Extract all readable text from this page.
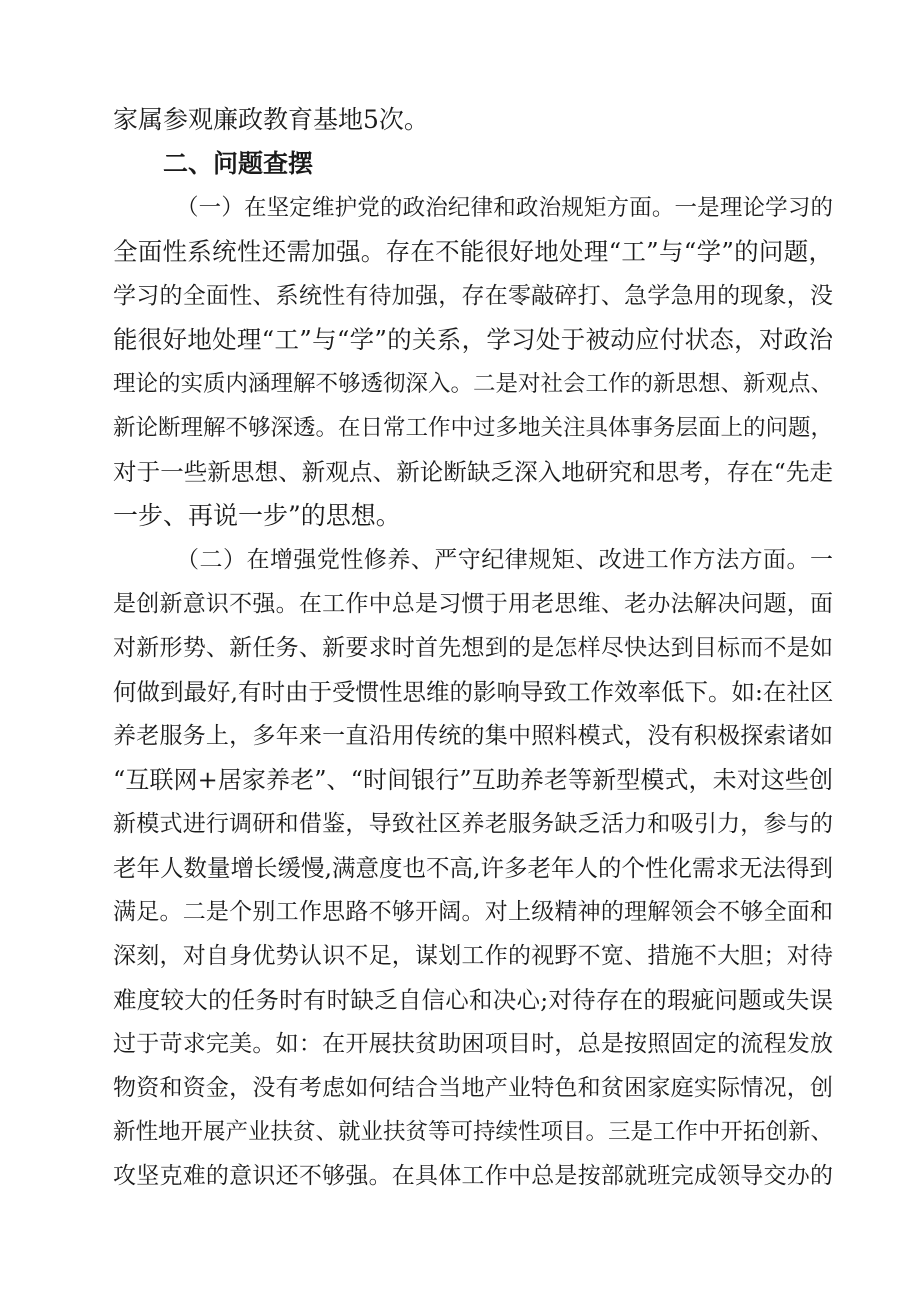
家属参观廉政教育基地5次。
二、问题查摆
（一）在坚定维护党的政治纪律和政治规矩方面。一是理论学习的
全面性系统性还需加强。存在不能很好地处理“工”与“学”的问题，
学习的全面性、系统性有待加强，存在零敲碎打、急学急用的现象，没
能很好地处理“工”与“学”的关系，学习处于被动应付状态，对政治
理论的实质内涵理解不够透彻深入。二是对社会工作的新思想、新观点、
新论断理解不够深透。在日常工作中过多地关注具体事务层面上的问题，
对于一些新思想、新观点、新论断缺乏深入地研究和思考，存在“先走
一步、再说一步”的思想。
（二）在增强党性修养、严守纪律规矩、改进工作方法方面。一
是创新意识不强。在工作中总是习惯于用老思维、老办法解决问题，面
对新形势、新任务、新要求时首先想到的是怎样尽快达到目标而不是如
何做到最好,有时由于受惯性思维的影响导致工作效率低下。如:在社区
养老服务上，多年来一直沿用传统的集中照料模式，没有积极探索诸如
“互联网+居家养老”、“时间银行”互助养老等新型模式，未对这些创
新模式进行调研和借鉴，导致社区养老服务缺乏活力和吸引力，参与的
老年人数量增长缓慢,满意度也不高,许多老年人的个性化需求无法得到
满足。二是个别工作思路不够开阔。对上级精神的理解领会不够全面和
深刻，对自身优势认识不足，谋划工作的视野不宽、措施不大胆；对待
难度较大的任务时有时缺乏自信心和决心;对待存在的瑕疵问题或失误
过于苛求完美。如：在开展扶贫助困项目时，总是按照固定的流程发放
物资和资金，没有考虑如何结合当地产业特色和贫困家庭实际情况，创
新性地开展产业扶贫、就业扶贫等可持续性项目。三是工作中开拓创新、
攻坚克难的意识还不够强。在具体工作中总是按部就班完成领导交办的
